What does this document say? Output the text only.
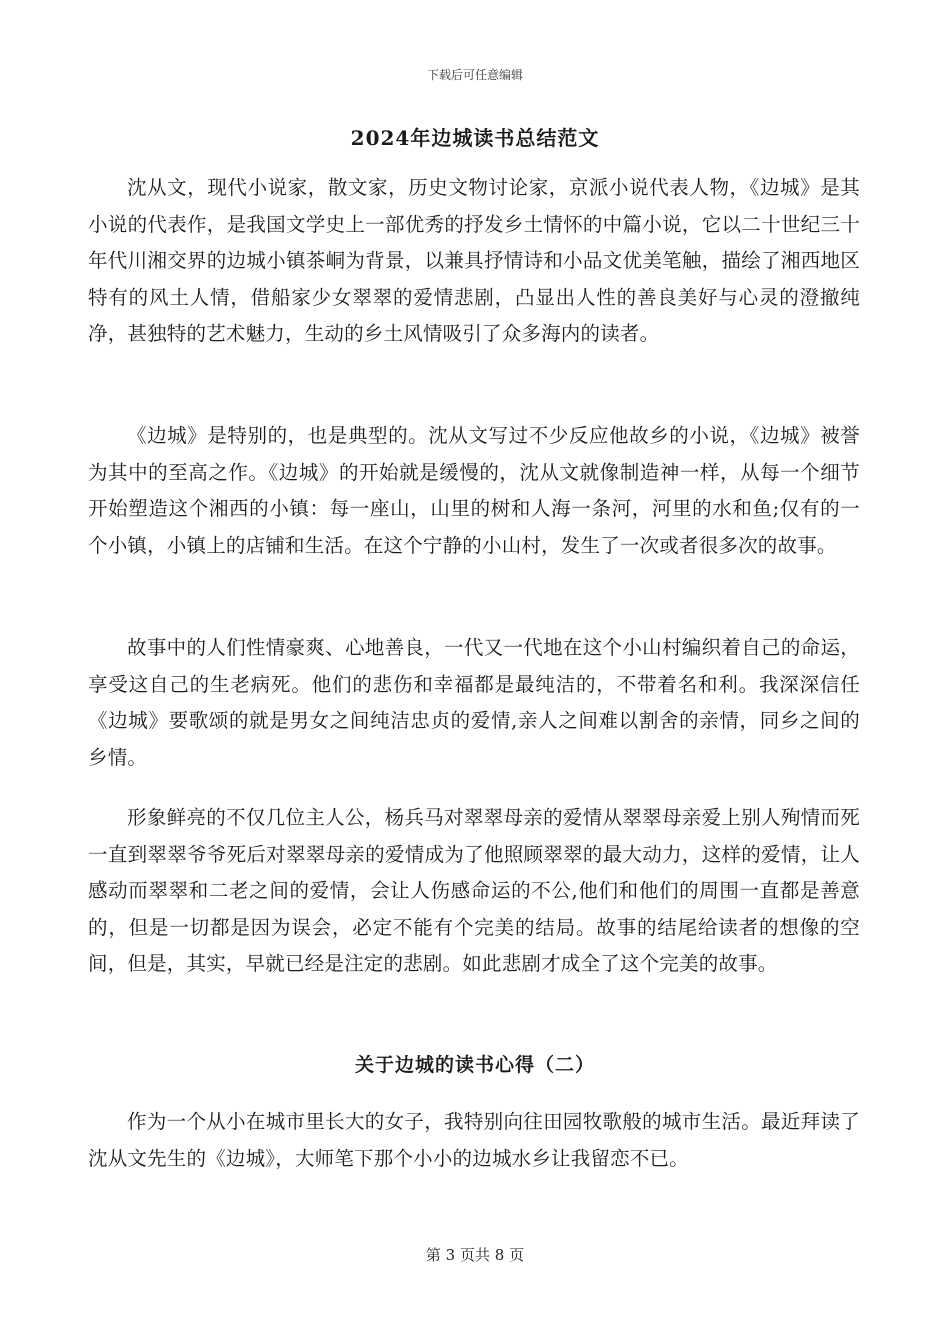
下载后可任意编辑
2024年边城读书总结范文

沈从文，现代小说家，散文家，历史文物讨论家，京派小说代表人物，《边城》是其小说的代表作，是我国文学史上一部优秀的抒发乡土情怀的中篇小说，它以二十世纪三十年代川湘交界的边城小镇茶峒为背景，以兼具抒情诗和小品文优美笔触，描绘了湘西地区特有的风土人情，借船家少女翠翠的爱情悲剧，凸显出人性的善良美好与心灵的澄撤纯净，甚独特的艺术魅力，生动的乡土风情吸引了众多海内的读者。

《边城》是特别的，也是典型的。沈从文写过不少反应他故乡的小说，《边城》被誉为其中的至高之作。《边城》的开始就是缓慢的，沈从文就像制造神一样，从每一个细节开始塑造这个湘西的小镇：每一座山，山里的树和人海一条河，河里的水和鱼;仅有的一个小镇，小镇上的店铺和生活。在这个宁静的小山村，发生了一次或者很多次的故事。

故事中的人们性情豪爽、心地善良，一代又一代地在这个小山村编织着自己的命运，享受这自己的生老病死。他们的悲伤和幸福都是最纯洁的，不带着名和利。我深深信任《边城》要歌颂的就是男女之间纯洁忠贞的爱情,亲人之间难以割舍的亲情，同乡之间的乡情。

形象鲜亮的不仅几位主人公，杨兵马对翠翠母亲的爱情从翠翠母亲爱上别人殉情而死一直到翠翠爷爷死后对翠翠母亲的爱情成为了他照顾翠翠的最大动力，这样的爱情，让人感动而翠翠和二老之间的爱情，会让人伤感命运的不公,他们和他们的周围一直都是善意的，但是一切都是因为误会，必定不能有个完美的结局。故事的结尾给读者的想像的空间，但是，其实，早就已经是注定的悲剧。如此悲剧才成全了这个完美的故事。

关于边城的读书心得（二）

作为一个从小在城市里长大的女子，我特别向往田园牧歌般的城市生活。最近拜读了沈从文先生的《边城》，大师笔下那个小小的边城水乡让我留恋不已。

第 3 页共 8 页
